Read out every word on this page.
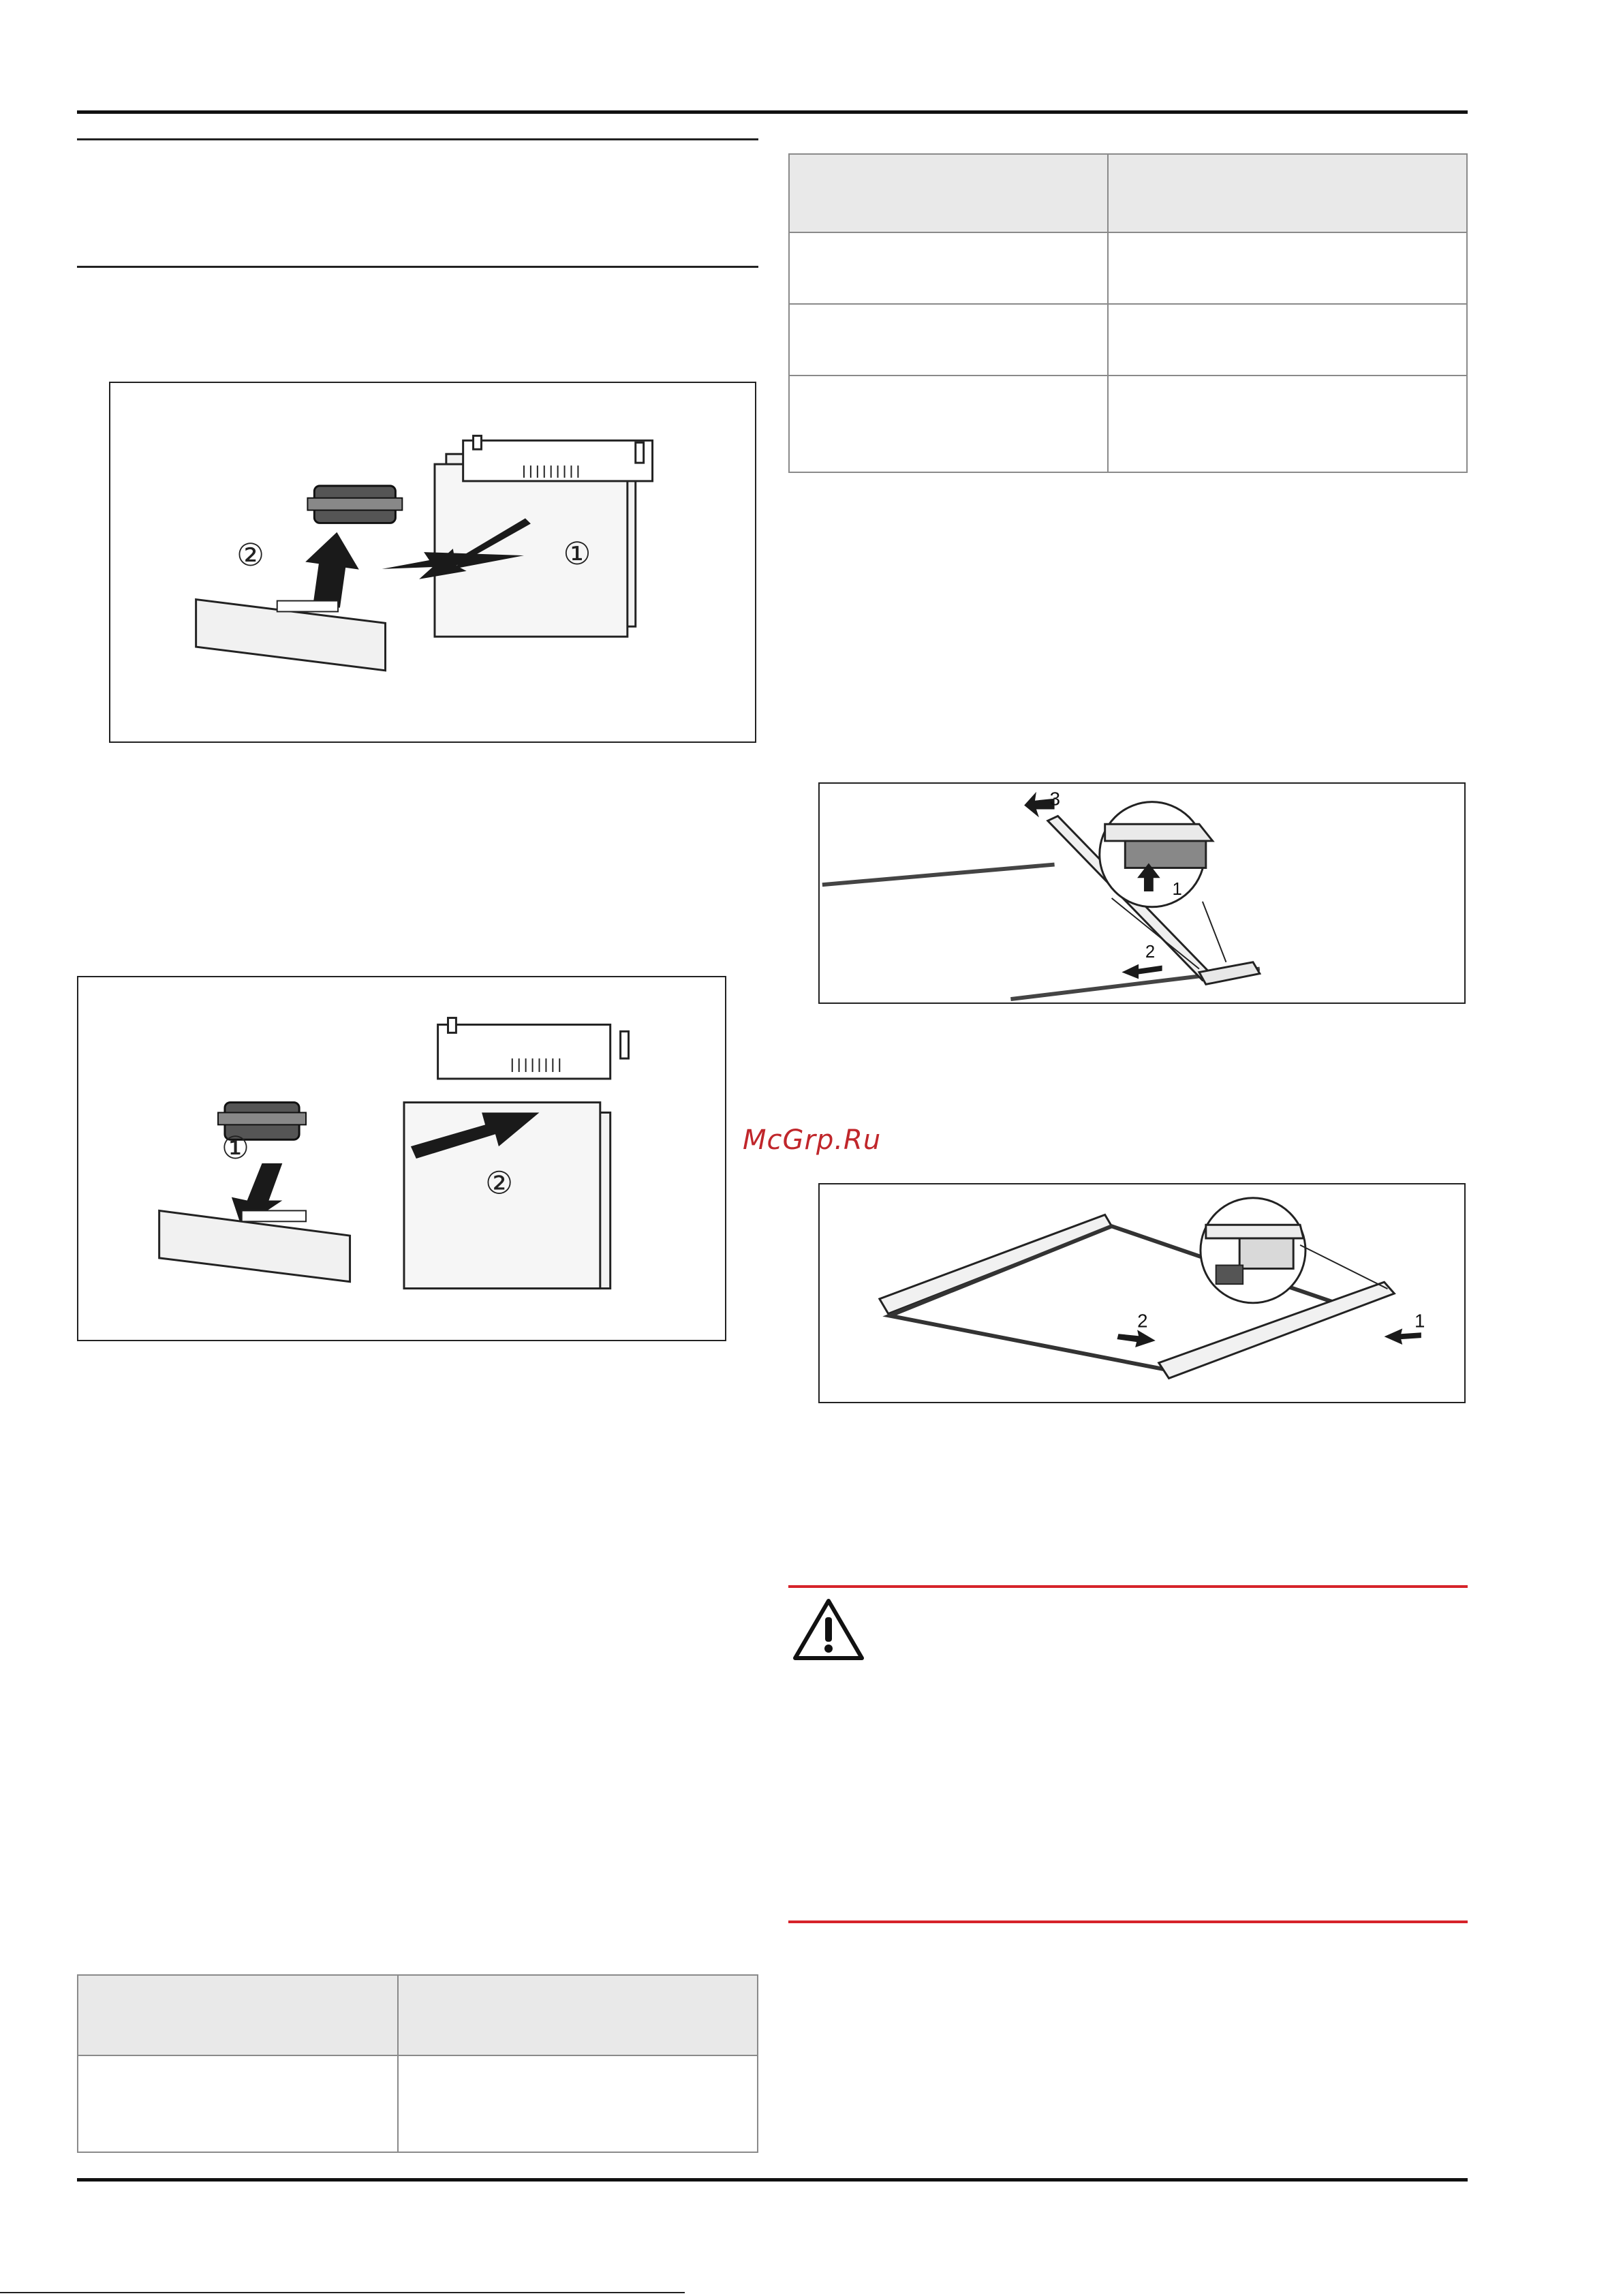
①
②
②
①

3
1
2
McGrp.Ru
1
2
